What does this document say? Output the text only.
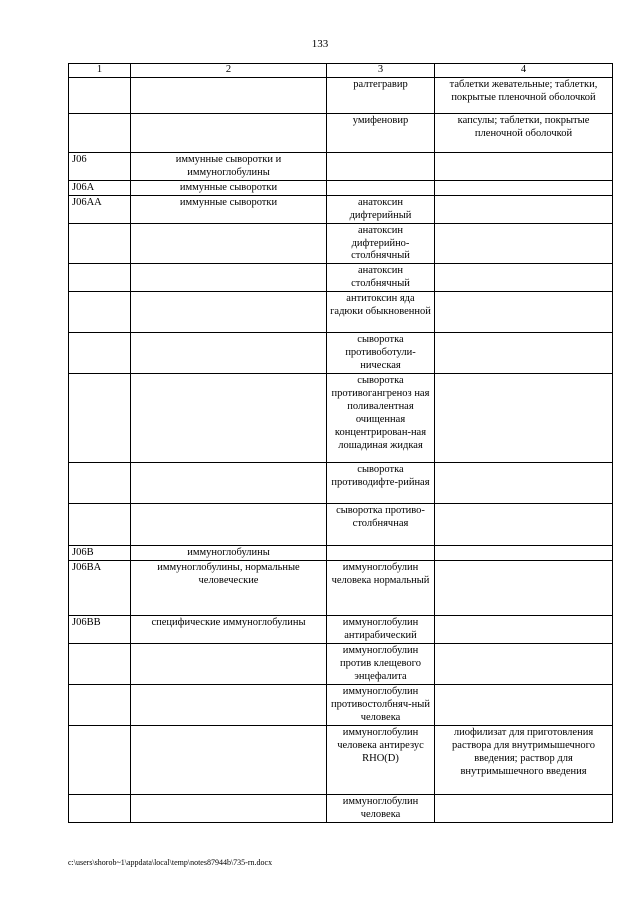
133
1	2	3	4
		ралтегравир	таблетки жевательные; таблетки, покрытые пленочной оболочкой
		умифеновир	капсулы; таблетки, покрытые пленочной оболочкой
J06	иммунные сыворотки и иммуноглобулины		
J06A	иммунные сыворотки		
J06AA	иммунные сыворотки	анатоксин дифтерийный	
		анатоксин дифтерийно-столбнячный	
		анатоксин столбнячный	
		антитоксин яда гадюки обыкновенной	
		сыворотка противоботули-ническая	
		сыворотка противогангреноз ная поливалентная очищенная концентрирован-ная лошадиная жидкая	
		сыворотка противодифте-рийная	
		сыворотка противо-столбнячная	
J06B	иммуноглобулины		
J06BA	иммуноглобулины, нормальные человеческие	иммуноглобулин человека нормальный	
J06BB	специфические иммуноглобулины	иммуноглобулин антирабический	
		иммуноглобулин против клещевого энцефалита	
		иммуноглобулин противостолбняч-ный человека	
		иммуноглобулин человека антирезус RHO(D)	лиофилизат для приготовления раствора для внутримышечного введения; раствор для внутримышечного введения
		иммуноглобулин человека	
c:\users\shorob~1\appdata\local\temp\notes87944b\735-rn.docx
